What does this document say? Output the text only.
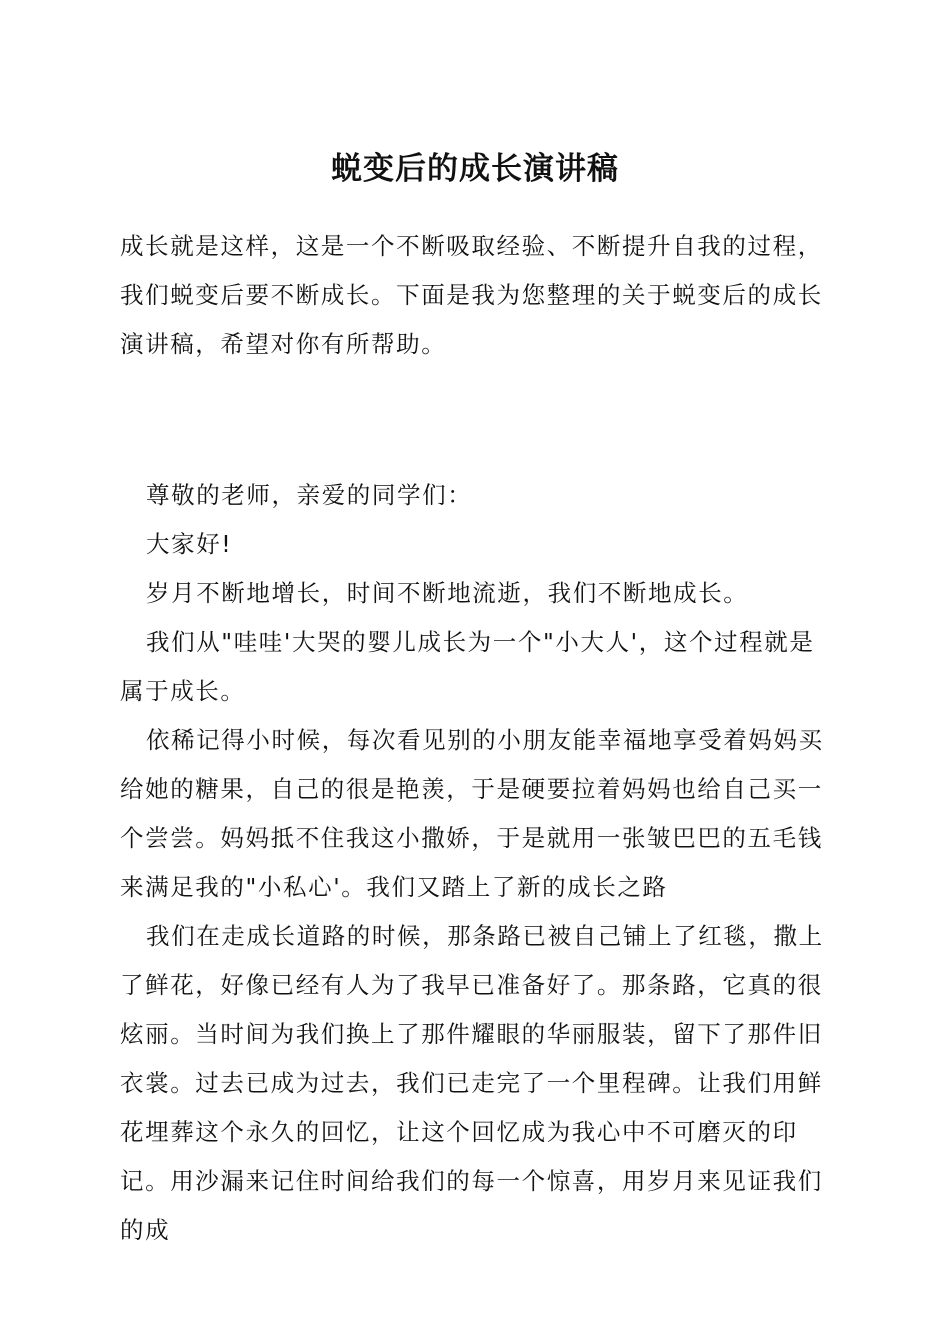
蜕变后的成长演讲稿

成长就是这样，这是一个不断吸取经验、不断提升自我的过程，我们蜕变后要不断成长。下面是我为您整理的关于蜕变后的成长演讲稿，希望对你有所帮助。

尊敬的老师，亲爱的同学们：

大家好!

岁月不断地增长，时间不断地流逝，我们不断地成长。

我们从"哇哇'大哭的婴儿成长为一个"小大人'，这个过程就是属于成长。

依稀记得小时候，每次看见别的小朋友能幸福地享受着妈妈买给她的糖果，自己的很是艳羡，于是硬要拉着妈妈也给自己买一个尝尝。妈妈抵不住我这小撒娇，于是就用一张皱巴巴的五毛钱来满足我的"小私心'。我们又踏上了新的成长之路

我们在走成长道路的时候，那条路已被自己铺上了红毯，撒上了鲜花，好像已经有人为了我早已准备好了。那条路，它真的很炫丽。当时间为我们换上了那件耀眼的华丽服装，留下了那件旧衣裳。过去已成为过去，我们已走完了一个里程碑。让我们用鲜花埋葬这个永久的回忆，让这个回忆成为我心中不可磨灭的印记。用沙漏来记住时间给我们的每一个惊喜，用岁月来见证我们的成
